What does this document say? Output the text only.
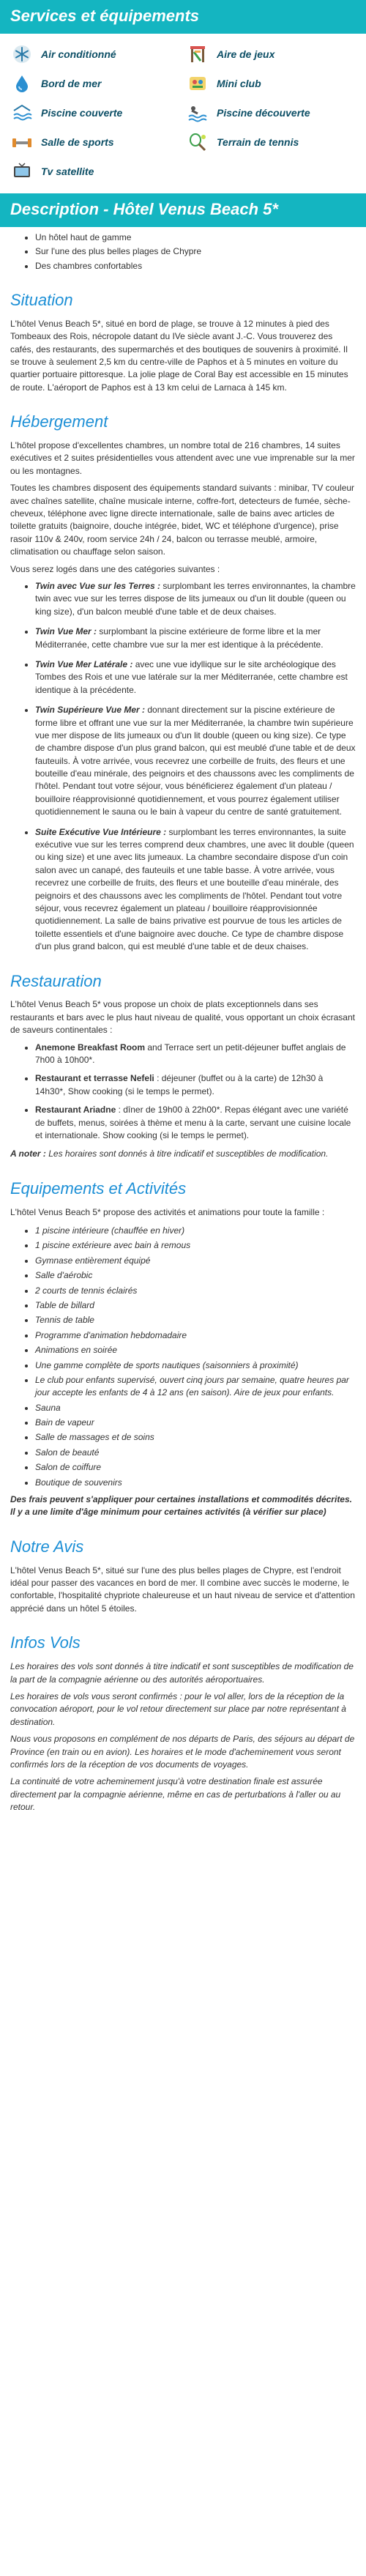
Services et équipements
Air conditionné	Aire de jeux
Bord de mer	Mini club
Piscine couverte	Piscine découverte
Salle de sports	Terrain de tennis
Tv satellite
Description - Hôtel Venus Beach 5*
• Un hôtel haut de gamme
• Sur l'une des plus belles plages de Chypre
• Des chambres confortables
Situation

L'hôtel Venus Beach 5*, situé en bord de plage, se trouve à 12 minutes à pied des Tombeaux des Rois, nécropole datant du IVe siècle avant J.-C. Vous trouverez des cafés, des restaurants, des supermarchés et des boutiques de souvenirs à proximité. Il se trouve à seulement 2,5 km du centre-ville de Paphos et à 5 minutes en voiture du quartier portuaire pittoresque. La jolie plage de Coral Bay est accessible en 15 minutes de route. L'aéroport de Paphos est à 13 km celui de Larnaca à 145 km.

Hébergement

L'hôtel propose d'excellentes chambres, un nombre total de 216 chambres, 14 suites exécutives et 2 suites présidentielles vous attendent avec une vue imprenable sur la mer ou les montagnes.

Toutes les chambres disposent des équipements standard suivants : minibar, TV couleur avec chaînes satellite, chaîne musicale interne, coffre-fort, detecteurs de fumée, sèche-cheveux, téléphone avec ligne directe internationale, salle de bains avec articles de toilette gratuits (baignoire, douche intégrée, bidet, WC et téléphone d'urgence), prise rasoir 110v & 240v, room service 24h / 24, balcon ou terrasse meublé, armoire, climatisation ou chauffage selon saison.

Vous serez logés dans une des catégories suivantes :

• Twin avec Vue sur les Terres : surplombant les terres environnantes, la chambre twin avec vue sur les terres dispose de lits jumeaux ou d'un lit double (queen ou king size), d'un balcon meublé d'une table et de deux chaises.
• Twin Vue Mer : surplombant la piscine extérieure de forme libre et la mer Méditerranée, cette chambre vue sur la mer est identique à la précédente.
• Twin Vue Mer Latérale : avec une vue idyllique sur le site archéologique des Tombes des Rois et une vue latérale sur la mer Méditerranée, cette chambre est identique à la précédente.
• Twin Supérieure Vue Mer : donnant directement sur la piscine extérieure de forme libre et offrant une vue sur la mer Méditerranée, la chambre twin supérieure vue mer dispose de lits jumeaux ou d'un lit double (queen ou king size). Ce type de chambre dispose d'un plus grand balcon, qui est meublé d'une table et de deux fauteuils. À votre arrivée, vous recevrez une corbeille de fruits, des fleurs et une bouteille d'eau minérale, des peignoirs et des chaussons avec les compliments de l'hôtel. Pendant tout votre séjour, vous bénéficierez également d'un plateau / bouilloire réapprovisionné quotidiennement, et vous pourrez également utiliser quotidiennement le sauna ou le bain à vapeur du centre de santé gratuitement.
• Suite Exécutive Vue Intérieure : surplombant les terres environnantes, la suite exécutive vue sur les terres comprend deux chambres, une avec lit double (queen ou king size) et une avec lits jumeaux. La chambre secondaire dispose d'un coin salon avec un canapé, des fauteuils et une table basse. À votre arrivée, vous recevrez une corbeille de fruits, des fleurs et une bouteille d'eau minérale, des peignoirs et des chaussons avec les compliments de l'hôtel. Pendant tout votre séjour, vous recevrez également un plateau / bouilloire réapprovisionnée quotidiennement. La salle de bains privative est pourvue de tous les articles de toilette essentiels et d'une baignoire avec douche. Ce type de chambre dispose d'un plus grand balcon, qui est meublé d'une table et de deux chaises.
Restauration

L'hôtel Venus Beach 5* vous propose un choix de plats exceptionnels dans ses restaurants et bars avec le plus haut niveau de qualité, vous opportant un choix écrasant de saveurs continentales :

• Anemone Breakfast Room and Terrace sert un petit-déjeuner buffet anglais de 7h00 à 10h00*.
• Restaurant et terrasse Nefeli : déjeuner (buffet ou à la carte) de 12h30 à 14h30*, Show cooking (si le temps le permet).
• Restaurant Ariadne : dîner de 19h00 à 22h00*. Repas élégant avec une variété de buffets, menus, soirées à thème et menu à la carte, servant une cuisine locale et internationale. Show cooking (si le temps le permet).

A noter : Les horaires sont donnés à titre indicatif et susceptibles de modification.

Equipements et Activités

L'hôtel Venus Beach 5* propose des activités et animations pour toute la famille :

• 1 piscine intérieure (chauffée en hiver)
• 1 piscine extérieure avec bain à remous
• Gymnase entièrement équipé
• Salle d'aérobic
• 2 courts de tennis éclairés
• Table de billard
• Tennis de table
• Programme d'animation hebdomadaire
• Animations en soirée
• Une gamme complète de sports nautiques (saisonniers à proximité)
• Le club pour enfants supervisé, ouvert cinq jours par semaine, quatre heures par jour accepte les enfants de 4 à 12 ans (en saison). Aire de jeux pour enfants.
• Sauna
• Bain de vapeur
• Salle de massages et de soins
• Salon de beauté
• Salon de coiffure
• Boutique de souvenirs

Des frais peuvent s'appliquer pour certaines installations et commodités décrites. Il y a une limite d'âge minimum pour certaines activités (à vérifier sur place)

Notre Avis

L'hôtel Venus Beach 5*, situé sur l'une des plus belles plages de Chypre, est l'endroit idéal pour passer des vacances en bord de mer. Il combine avec succès le moderne, le confortable, l'hospitalité chypriote chaleureuse et un haut niveau de service et d'attention apprécié dans un hôtel 5 étoiles.

Infos Vols

Les horaires des vols sont donnés à titre indicatif et sont susceptibles de modification de la part de la compagnie aérienne ou des autorités aéroportuaires.

Les horaires de vols vous seront confirmés : pour le vol aller, lors de la réception de la convocation aéroport, pour le vol retour directement sur place par notre représentant à destination.

Nous vous proposons en complément de nos départs de Paris, des séjours au départ de Province (en train ou en avion). Les horaires et le mode d'acheminement vous seront confirmés lors de la réception de vos documents de voyages.

La continuité de votre acheminement jusqu'à votre destination finale est assurée directement par la compagnie aérienne, même en cas de perturbations à l'aller ou au retour.
